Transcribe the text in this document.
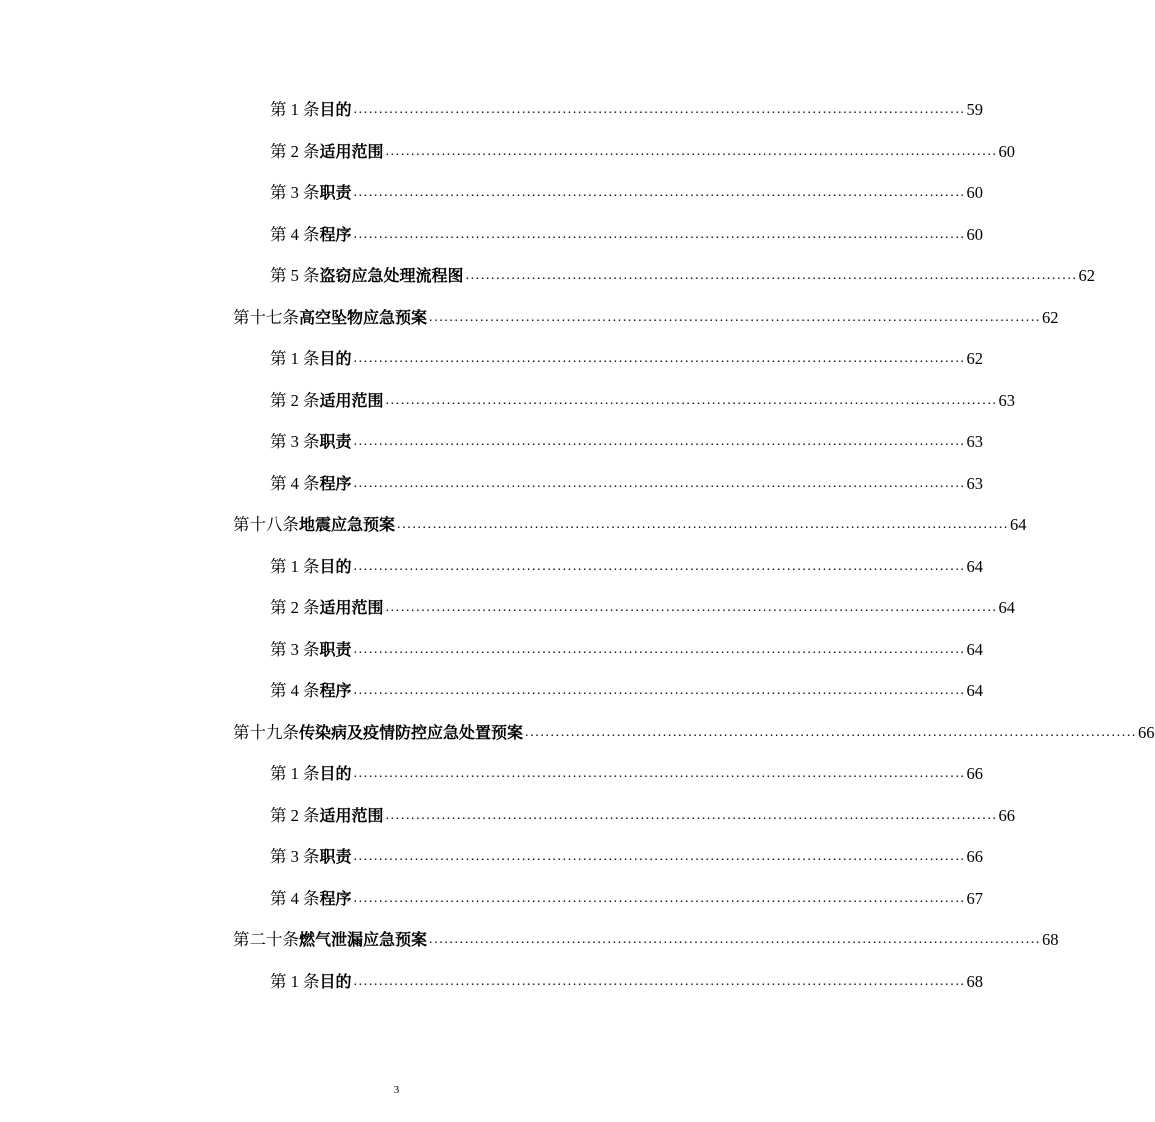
第 1 条 目的 ........................................................................................................................ 59
第 2 条 适用范围 ........................................................................................................................ 60
第 3 条 职责 ........................................................................................................................ 60
第 4 条 程序 ........................................................................................................................ 60
第 5 条 盗窃应急处理流程图 ........................................................................................................................ 62
第十七条 高空坠物应急预案 ........................................................................................................................ 62
第 1 条 目的 ........................................................................................................................ 62
第 2 条 适用范围 ........................................................................................................................ 63
第 3 条 职责 ........................................................................................................................ 63
第 4 条 程序 ........................................................................................................................ 63
第十八条 地震应急预案 ........................................................................................................................ 64
第 1 条 目的 ........................................................................................................................ 64
第 2 条 适用范围 ........................................................................................................................ 64
第 3 条 职责 ........................................................................................................................ 64
第 4 条 程序 ........................................................................................................................ 64
第十九条 传染病及疫情防控应急处置预案 ........................................................................................................................ 66
第 1 条 目的 ........................................................................................................................ 66
第 2 条 适用范围 ........................................................................................................................ 66
第 3 条 职责 ........................................................................................................................ 66
第 4 条 程序 ........................................................................................................................ 67
第二十条 燃气泄漏应急预案 ........................................................................................................................ 68
第 1 条 目的 ........................................................................................................................ 68
3
